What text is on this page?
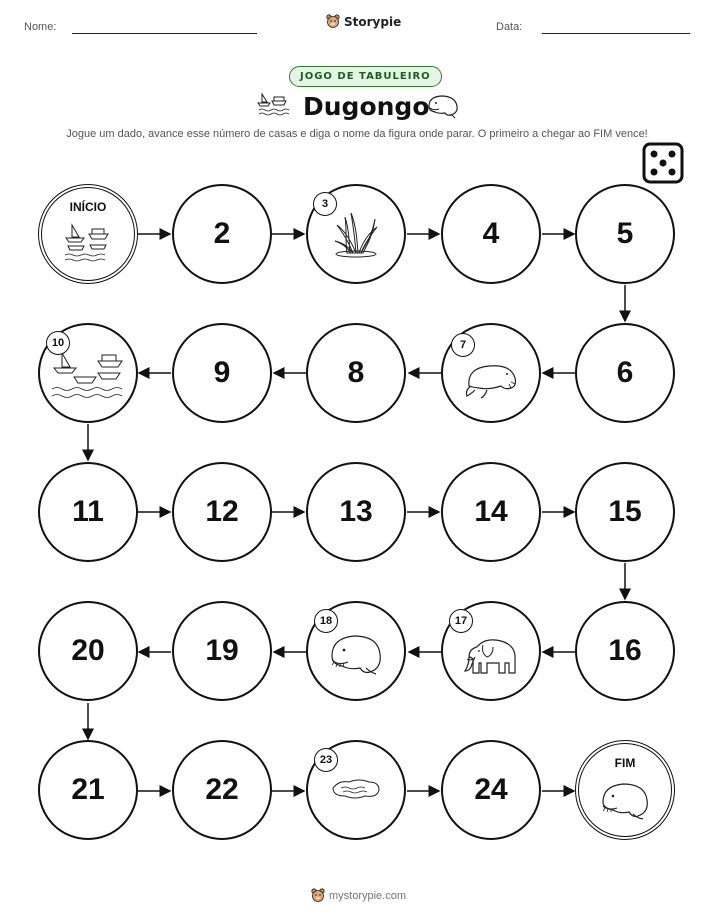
Nome:	Storypie	Data:
JOGO DE TABULEIRO
Dugongo
Jogue um dado, avance esse número de casas e diga o nome da figura onde parar. O primeiro a chegar ao FIM vence!
INÍCIO
2
3
4	5
6
7
8
9
10
11	12	13	14	15
16
17
18
19
20
21	22
23
24
FIM
mystorypie.com
